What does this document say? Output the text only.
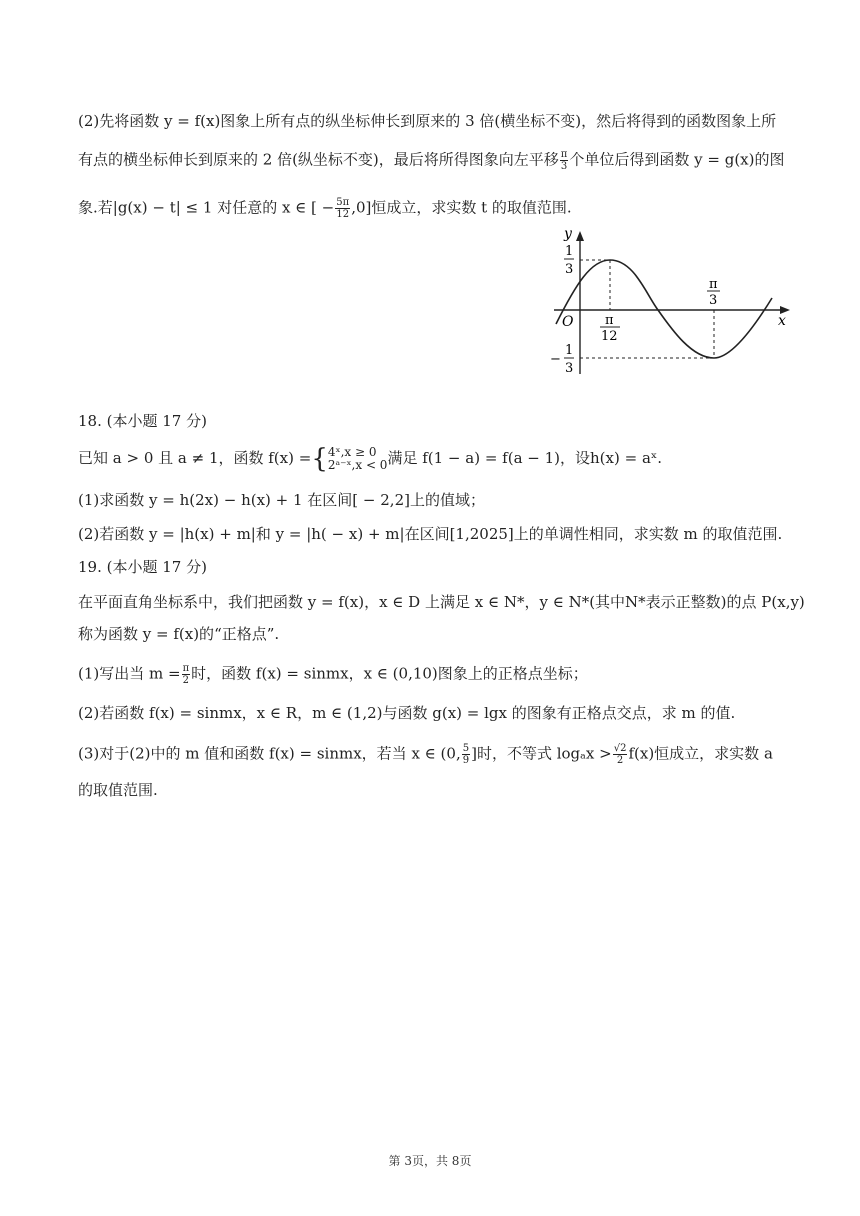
(2)先将函数 y = f(x)图象上所有点的纵坐标伸长到原来的 3 倍(横坐标不变)，然后将得到的函数图象上所
有点的横坐标伸长到原来的 2 倍(纵坐标不变)，最后将所得图象向左平移 $\frac{\pi}{3}$ 个单位后得到函数 y = g(x)的图
象.若|g(x) − t| ≤ 1 对任意的 x ∈ [ − $\frac{5\pi}{12} ,0$]恒成立，求实数 t 的取值范围.
y
x
O
1
3
−
1
3
π
12
π
3
18. (本小题 17 分)
已知 a > 0 且 a ≠ 1，函数 f(x) ={ 4ˣ,x ≥ 0
2ᵃ⁻ˣ,x < 0 满足 f(1 − a) = f(a − 1)，设h(x) = aˣ.
(1)求函数 y = h(2x) − h(x) + 1 在区间[ − 2,2]上的值域；
(2)若函数 y = |h(x) + m|和 y = |h( − x) + m|在区间[1,2025]上的单调性相同，求实数 m 的取值范围.
19. (本小题 17 分)
在平面直角坐标系中，我们把函数 y = f(x)，x ∈ D 上满足 x ∈ N*，y ∈ N*(其中N*表示正整数)的点 P(x,y)
称为函数 y = f(x)的“正格点”.
(1)写出当 $m = \frac{\pi}{2}$ 时，函数 f(x) = sinmx，x ∈ (0,10)图象上的正格点坐标；
(2)若函数 f(x) = sinmx，x ∈ R，m ∈ (1,2)与函数 g(x) = lgx 的图象有正格点交点，求 m 的值.
(3)对于(2)中的 m 值和函数 f(x) = sinmx，若当 x ∈ (0, $\frac{5}{9}$ ]时，不等式 $\log_ax > \frac{√2}{2} f(x)$恒成立，求实数 a
的取值范围.
第 3页，共 8页
